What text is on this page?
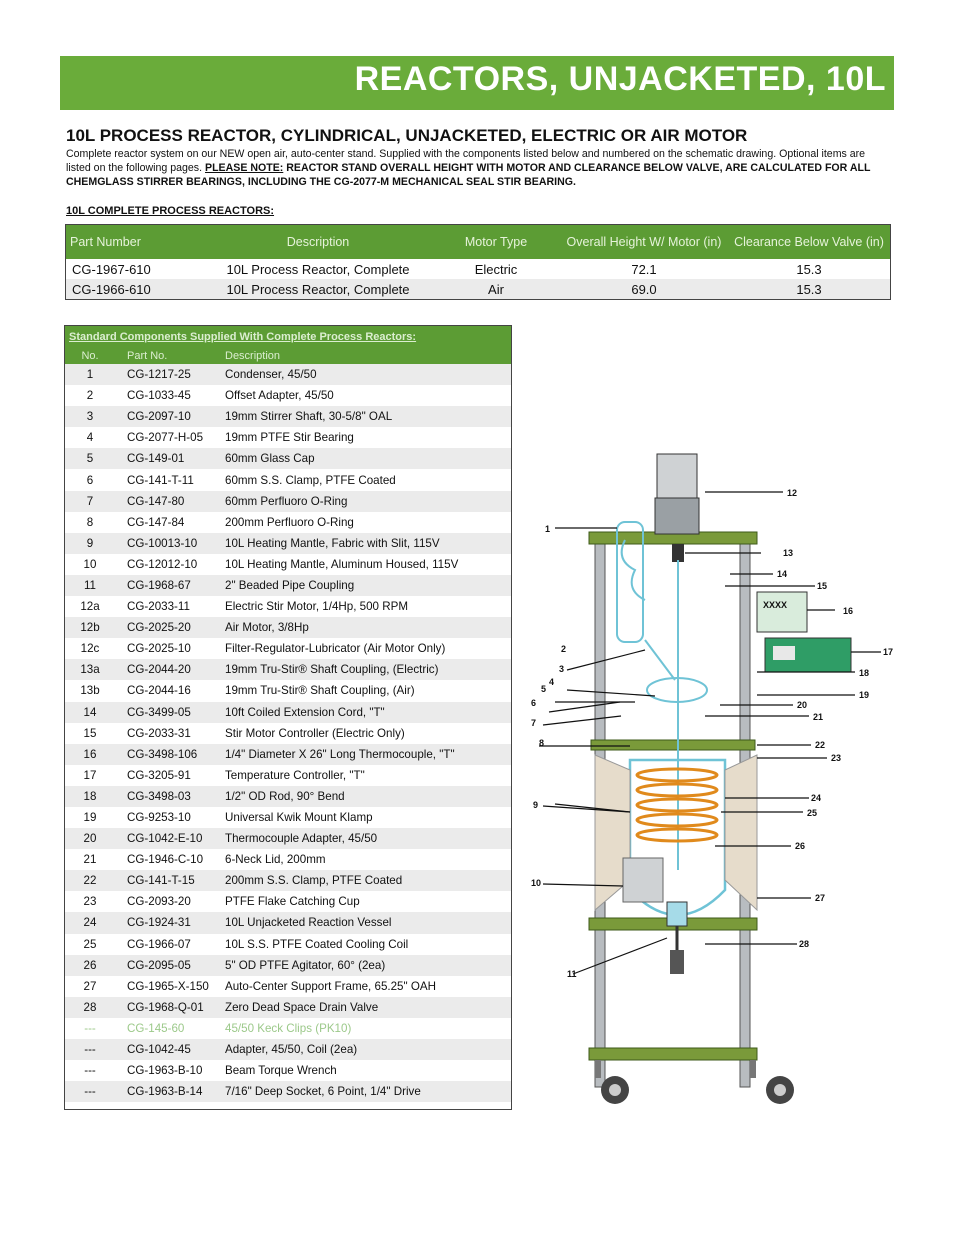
REACTORS, UNJACKETED, 10L
10L PROCESS REACTOR, CYLINDRICAL, UNJACKETED, ELECTRIC OR AIR MOTOR

Complete reactor system on our NEW open air, auto-center stand. Supplied with the components listed below and numbered on the schematic drawing. Optional items are listed on the following pages. PLEASE NOTE: REACTOR STAND OVERALL HEIGHT WITH MOTOR AND CLEARANCE BELOW VALVE, ARE CALCULATED FOR ALL CHEMGLASS STIRRER BEARINGS, INCLUDING THE CG-2077-M MECHANICAL SEAL STIR BEARING.

10L COMPLETE PROCESS REACTORS:

Part Number	Description	Motor Type	Overall Height W/ Motor (in)	Clearance Below Valve (in)
CG-1967-610	10L Process Reactor, Complete	Electric	72.1	15.3
CG-1966-610	10L Process Reactor, Complete	Air	69.0	15.3
Standard Components Supplied With Complete Process Reactors:		
No.	Part No.	Description
1	CG-1217-25	Condenser, 45/50
2	CG-1033-45	Offset Adapter, 45/50
3	CG-2097-10	19mm Stirrer Shaft, 30-5/8" OAL
4	CG-2077-H-05	19mm PTFE Stir Bearing
5	CG-149-01	60mm Glass Cap
6	CG-141-T-11	60mm S.S. Clamp, PTFE Coated
7	CG-147-80	60mm Perfluoro O-Ring
8	CG-147-84	200mm Perfluoro O-Ring
9	CG-10013-10	10L Heating Mantle, Fabric with Slit, 115V
10	CG-12012-10	10L Heating Mantle, Aluminum Housed, 115V
11	CG-1968-67	2" Beaded Pipe Coupling
12a	CG-2033-11	Electric Stir Motor, 1/4Hp, 500 RPM
12b	CG-2025-20	Air Motor, 3/8Hp
12c	CG-2025-10	Filter-Regulator-Lubricator (Air Motor Only)
13a	CG-2044-20	19mm Tru-Stir® Shaft Coupling, (Electric)
13b	CG-2044-16	19mm Tru-Stir® Shaft Coupling, (Air)
14	CG-3499-05	10ft Coiled Extension Cord, "T"
15	CG-2033-31	Stir Motor Controller (Electric Only)
16	CG-3498-106	1/4" Diameter X 26" Long Thermocouple, "T"
17	CG-3205-91	Temperature Controller, "T"
18	CG-3498-03	1/2" OD Rod, 90° Bend
19	CG-9253-10	Universal Kwik Mount Klamp
20	CG-1042-E-10	Thermocouple Adapter, 45/50
21	CG-1946-C-10	6-Neck Lid, 200mm
22	CG-141-T-15	200mm S.S. Clamp, PTFE Coated
23	CG-2093-20	PTFE Flake Catching Cup
24	CG-1924-31	10L Unjacketed Reaction Vessel
25	CG-1966-07	10L S.S. PTFE Coated Cooling Coil
26	CG-2095-05	5" OD PTFE Agitator, 60° (2ea)
27	CG-1965-X-150	Auto-Center Support Frame, 65.25" OAH
28	CG-1968-Q-01	Zero Dead Space Drain Valve
---	CG-145-60	45/50 Keck Clips (PK10)
---	CG-1042-45	Adapter, 45/50, Coil (2ea)
---	CG-1963-B-10	Beam Torque Wrench
---	CG-1963-B-14	7/16" Deep Socket, 6 Point, 1/4" Drive
XXXX
1
2
3
4
5
6
7
8
9
10
11
12
13
14
15
16
17
18
19
20
21
22
23
24
25
26
27
28
